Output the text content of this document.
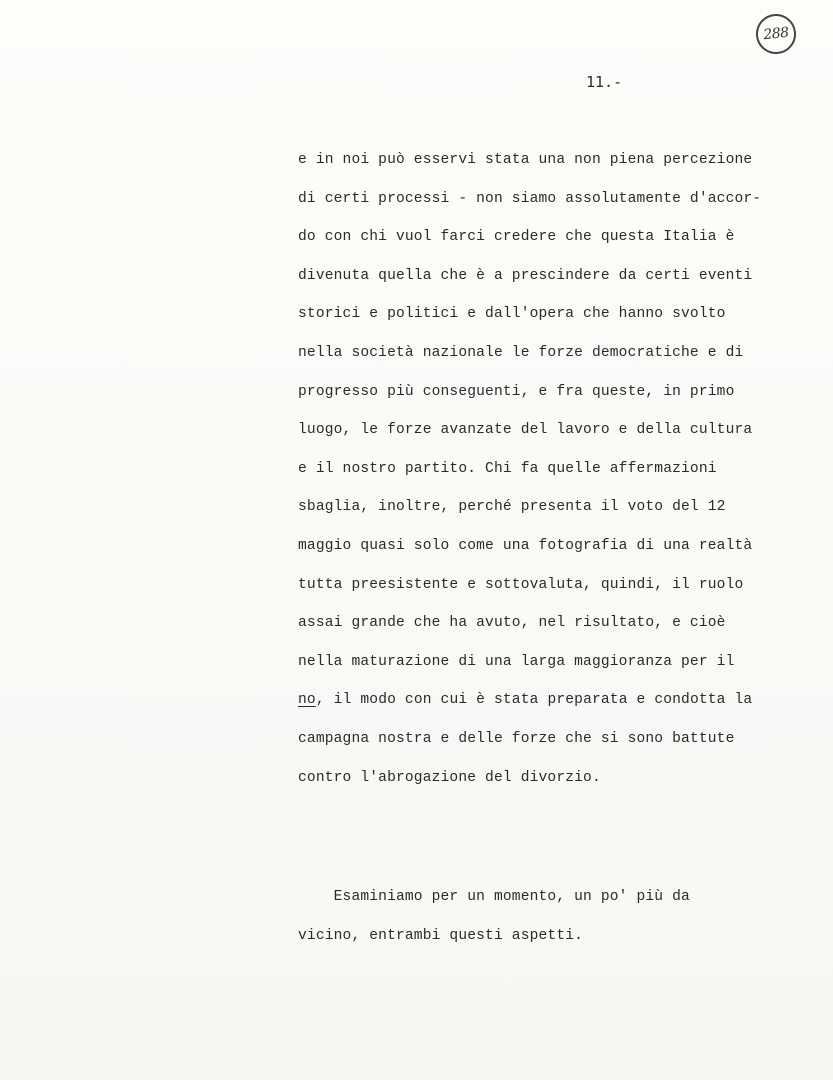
288

11.-

e in noi può esservi stata una non piena percezione
di certi processi - non siamo assolutamente d'accor-
do con chi vuol farci credere che questa Italia è
divenuta quella che è a prescindere da certi eventi
storici e politici e dall'opera che hanno svolto
nella società nazionale le forze democratiche e di
progresso più conseguenti, e fra queste, in primo
luogo, le forze avanzate del lavoro e della cultura
e il nostro partito. Chi fa quelle affermazioni
sbaglia, inoltre, perché presenta il voto del 12
maggio quasi solo come una fotografia di una realtà
tutta preesistente e sottovaluta, quindi, il ruolo
assai grande che ha avuto, nel risultato, e cioè
nella maturazione di una larga maggioranza per il
no, il modo con cui è stata preparata e condotta la
campagna nostra e delle forze che si sono battute
contro l'abrogazione del divorzio.
Esaminiamo per un momento, un po' più da
vicino, entrambi questi aspetti.
